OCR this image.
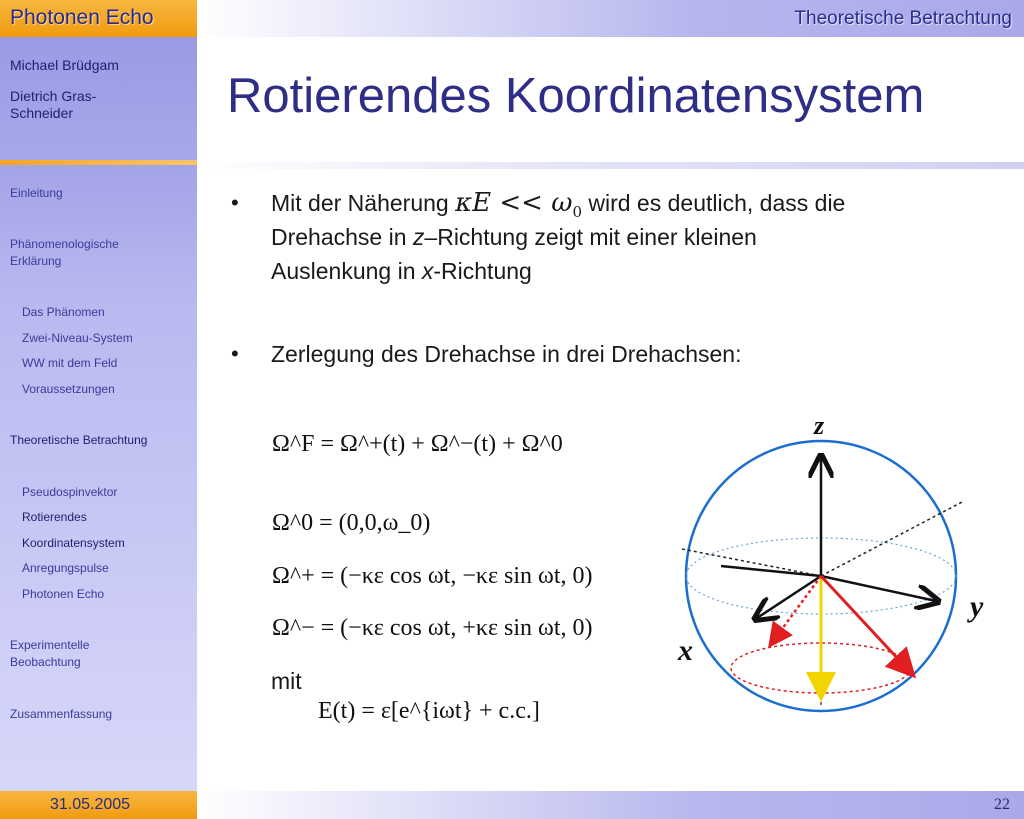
Photonen Echo	Theoretische Betrachtung
Michael Brüdgam
Dietrich Gras-
Schneider
Einleitung
Phänomenologische
Erklärung
Das Phänomen
Zwei-Niveau-System
WW mit dem Feld
Voraussetzungen
Theoretische Betrachtung
Pseudospinvektor
Rotierendes
Koordinatensystem
Anregungspulse
Photonen Echo
Experimentelle
Beobachtung
Zusammenfassung
Rotierendes Koordinatensystem
• Mit der Näherung $\kappa E << \omega_0$ wird es deutlich, dass die
Drehachse in z–Richtung zeigt mit einer kleinen
Auslenkung in x-Richtung
• Zerlegung des Drehachse in drei Drehachsen:
Ω^F = Ω^+(t) + Ω^−(t) + Ω^0
Ω^0 = (0,0,ω_0)
Ω^+ = (−κε cos ωt, −κε sin ωt, 0)
Ω^− = (−κε cos ωt, +κε sin ωt, 0)
mit
E(t) = ε[e^{iωt} + c.c.]
z
y
x
31.05.2005	22
